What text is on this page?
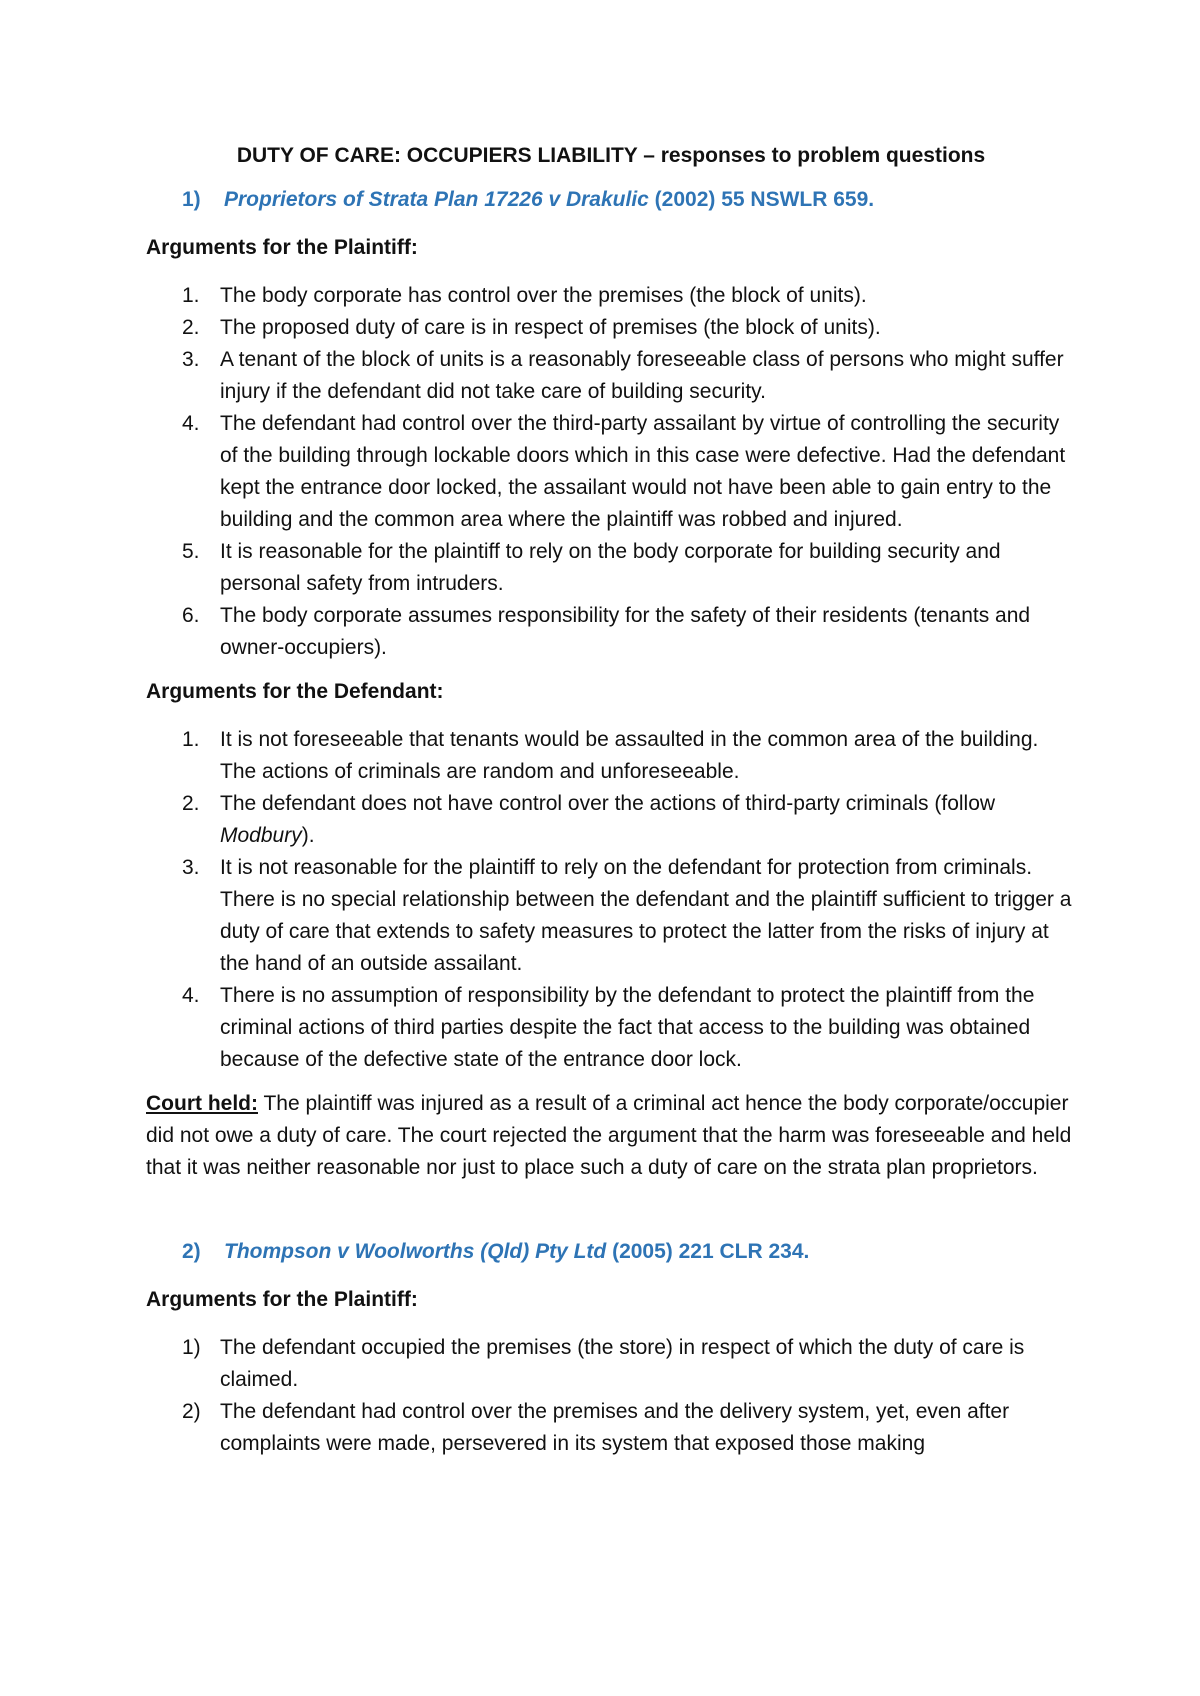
DUTY OF CARE: OCCUPIERS LIABILITY – responses to problem questions

1)	Proprietors of Strata Plan 17226 v Drakulic (2002) 55 NSWLR 659.

Arguments for the Plaintiff:

1. The body corporate has control over the premises (the block of units).
2. The proposed duty of care is in respect of premises (the block of units).
3. A tenant of the block of units is a reasonably foreseeable class of persons who might suffer injury if the defendant did not take care of building security.
4. The defendant had control over the third-party assailant by virtue of controlling the security of the building through lockable doors which in this case were defective. Had the defendant kept the entrance door locked, the assailant would not have been able to gain entry to the building and the common area where the plaintiff was robbed and injured.
5. It is reasonable for the plaintiff to rely on the body corporate for building security and personal safety from intruders.
6. The body corporate assumes responsibility for the safety of their residents (tenants and owner-occupiers).

Arguments for the Defendant:

1. It is not foreseeable that tenants would be assaulted in the common area of the building. The actions of criminals are random and unforeseeable.
2. The defendant does not have control over the actions of third-party criminals (follow Modbury).
3. It is not reasonable for the plaintiff to rely on the defendant for protection from criminals. There is no special relationship between the defendant and the plaintiff sufficient to trigger a duty of care that extends to safety measures to protect the latter from the risks of injury at the hand of an outside assailant.
4. There is no assumption of responsibility by the defendant to protect the plaintiff from the criminal actions of third parties despite the fact that access to the building was obtained because of the defective state of the entrance door lock.

Court held: The plaintiff was injured as a result of a criminal act hence the body corporate/occupier did not owe a duty of care. The court rejected the argument that the harm was foreseeable and held that it was neither reasonable nor just to place such a duty of care on the strata plan proprietors.

2)	Thompson v Woolworths (Qld) Pty Ltd (2005) 221 CLR 234.

Arguments for the Plaintiff:

1) The defendant occupied the premises (the store) in respect of which the duty of care is claimed.
2) The defendant had control over the premises and the delivery system, yet, even after complaints were made, persevered in its system that exposed those making
